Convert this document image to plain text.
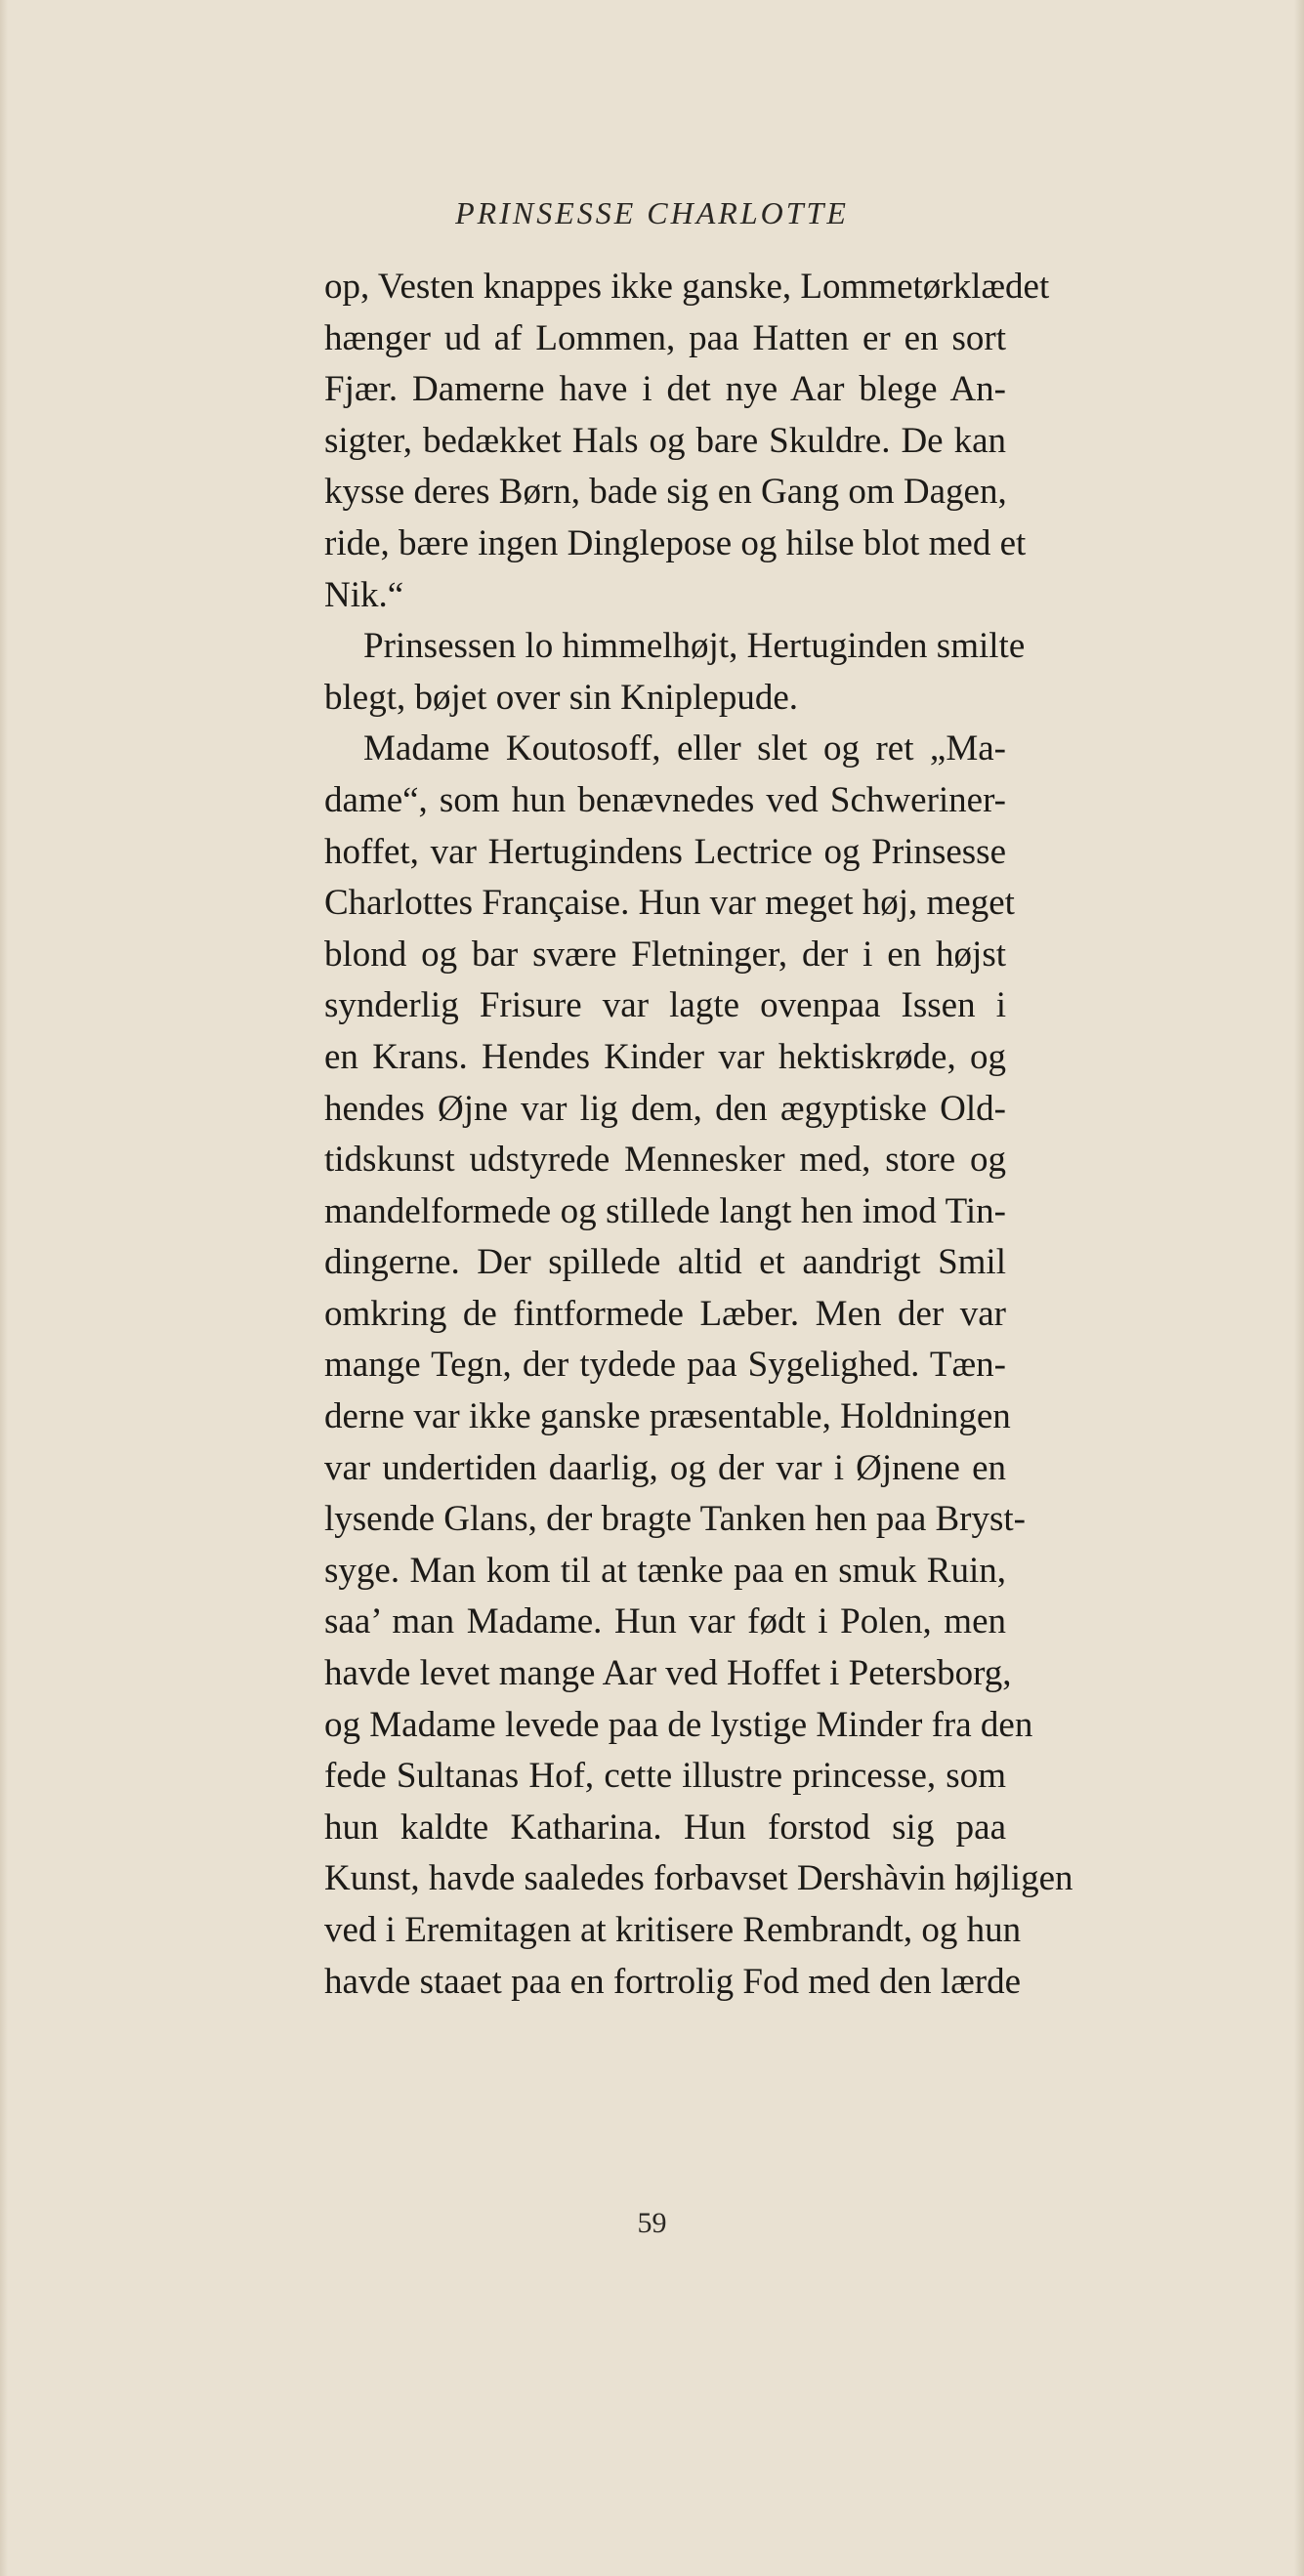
PRINSESSE CHARLOTTE
op, Vesten knappes ikke ganske, Lommetørklædet
hænger ud af Lommen, paa Hatten er en sort
Fjær. Damerne have i det nye Aar blege An-
sigter, bedækket Hals og bare Skuldre. De kan
kysse deres Børn, bade sig en Gang om Dagen,
ride, bære ingen Dinglepose og hilse blot med et
Nik.“
Prinsessen lo himmelhøjt, Hertuginden smilte
blegt, bøjet over sin Kniplepude.
Madame Koutosoff, eller slet og ret „Ma-
dame“, som hun benævnedes ved Schweriner-
hoffet, var Hertugindens Lectrice og Prinsesse
Charlottes Française. Hun var meget høj, meget
blond og bar svære Fletninger, der i en højst
synderlig Frisure var lagte ovenpaa Issen i
en Krans. Hendes Kinder var hektiskrøde, og
hendes Øjne var lig dem, den ægyptiske Old-
tidskunst udstyrede Mennesker med, store og
mandelformede og stillede langt hen imod Tin-
dingerne. Der spillede altid et aandrigt Smil
omkring de fintformede Læber. Men der var
mange Tegn, der tydede paa Sygelighed. Tæn-
derne var ikke ganske præsentable, Holdningen
var undertiden daarlig, og der var i Øjnene en
lysende Glans, der bragte Tanken hen paa Bryst-
syge. Man kom til at tænke paa en smuk Ruin,
saa’ man Madame. Hun var født i Polen, men
havde levet mange Aar ved Hoffet i Petersborg,
og Madame levede paa de lystige Minder fra den
fede Sultanas Hof, cette illustre princesse, som
hun kaldte Katharina. Hun forstod sig paa
Kunst, havde saaledes forbavset Dershàvin højligen
ved i Eremitagen at kritisere Rembrandt, og hun
havde staaet paa en fortrolig Fod med den lærde
59
